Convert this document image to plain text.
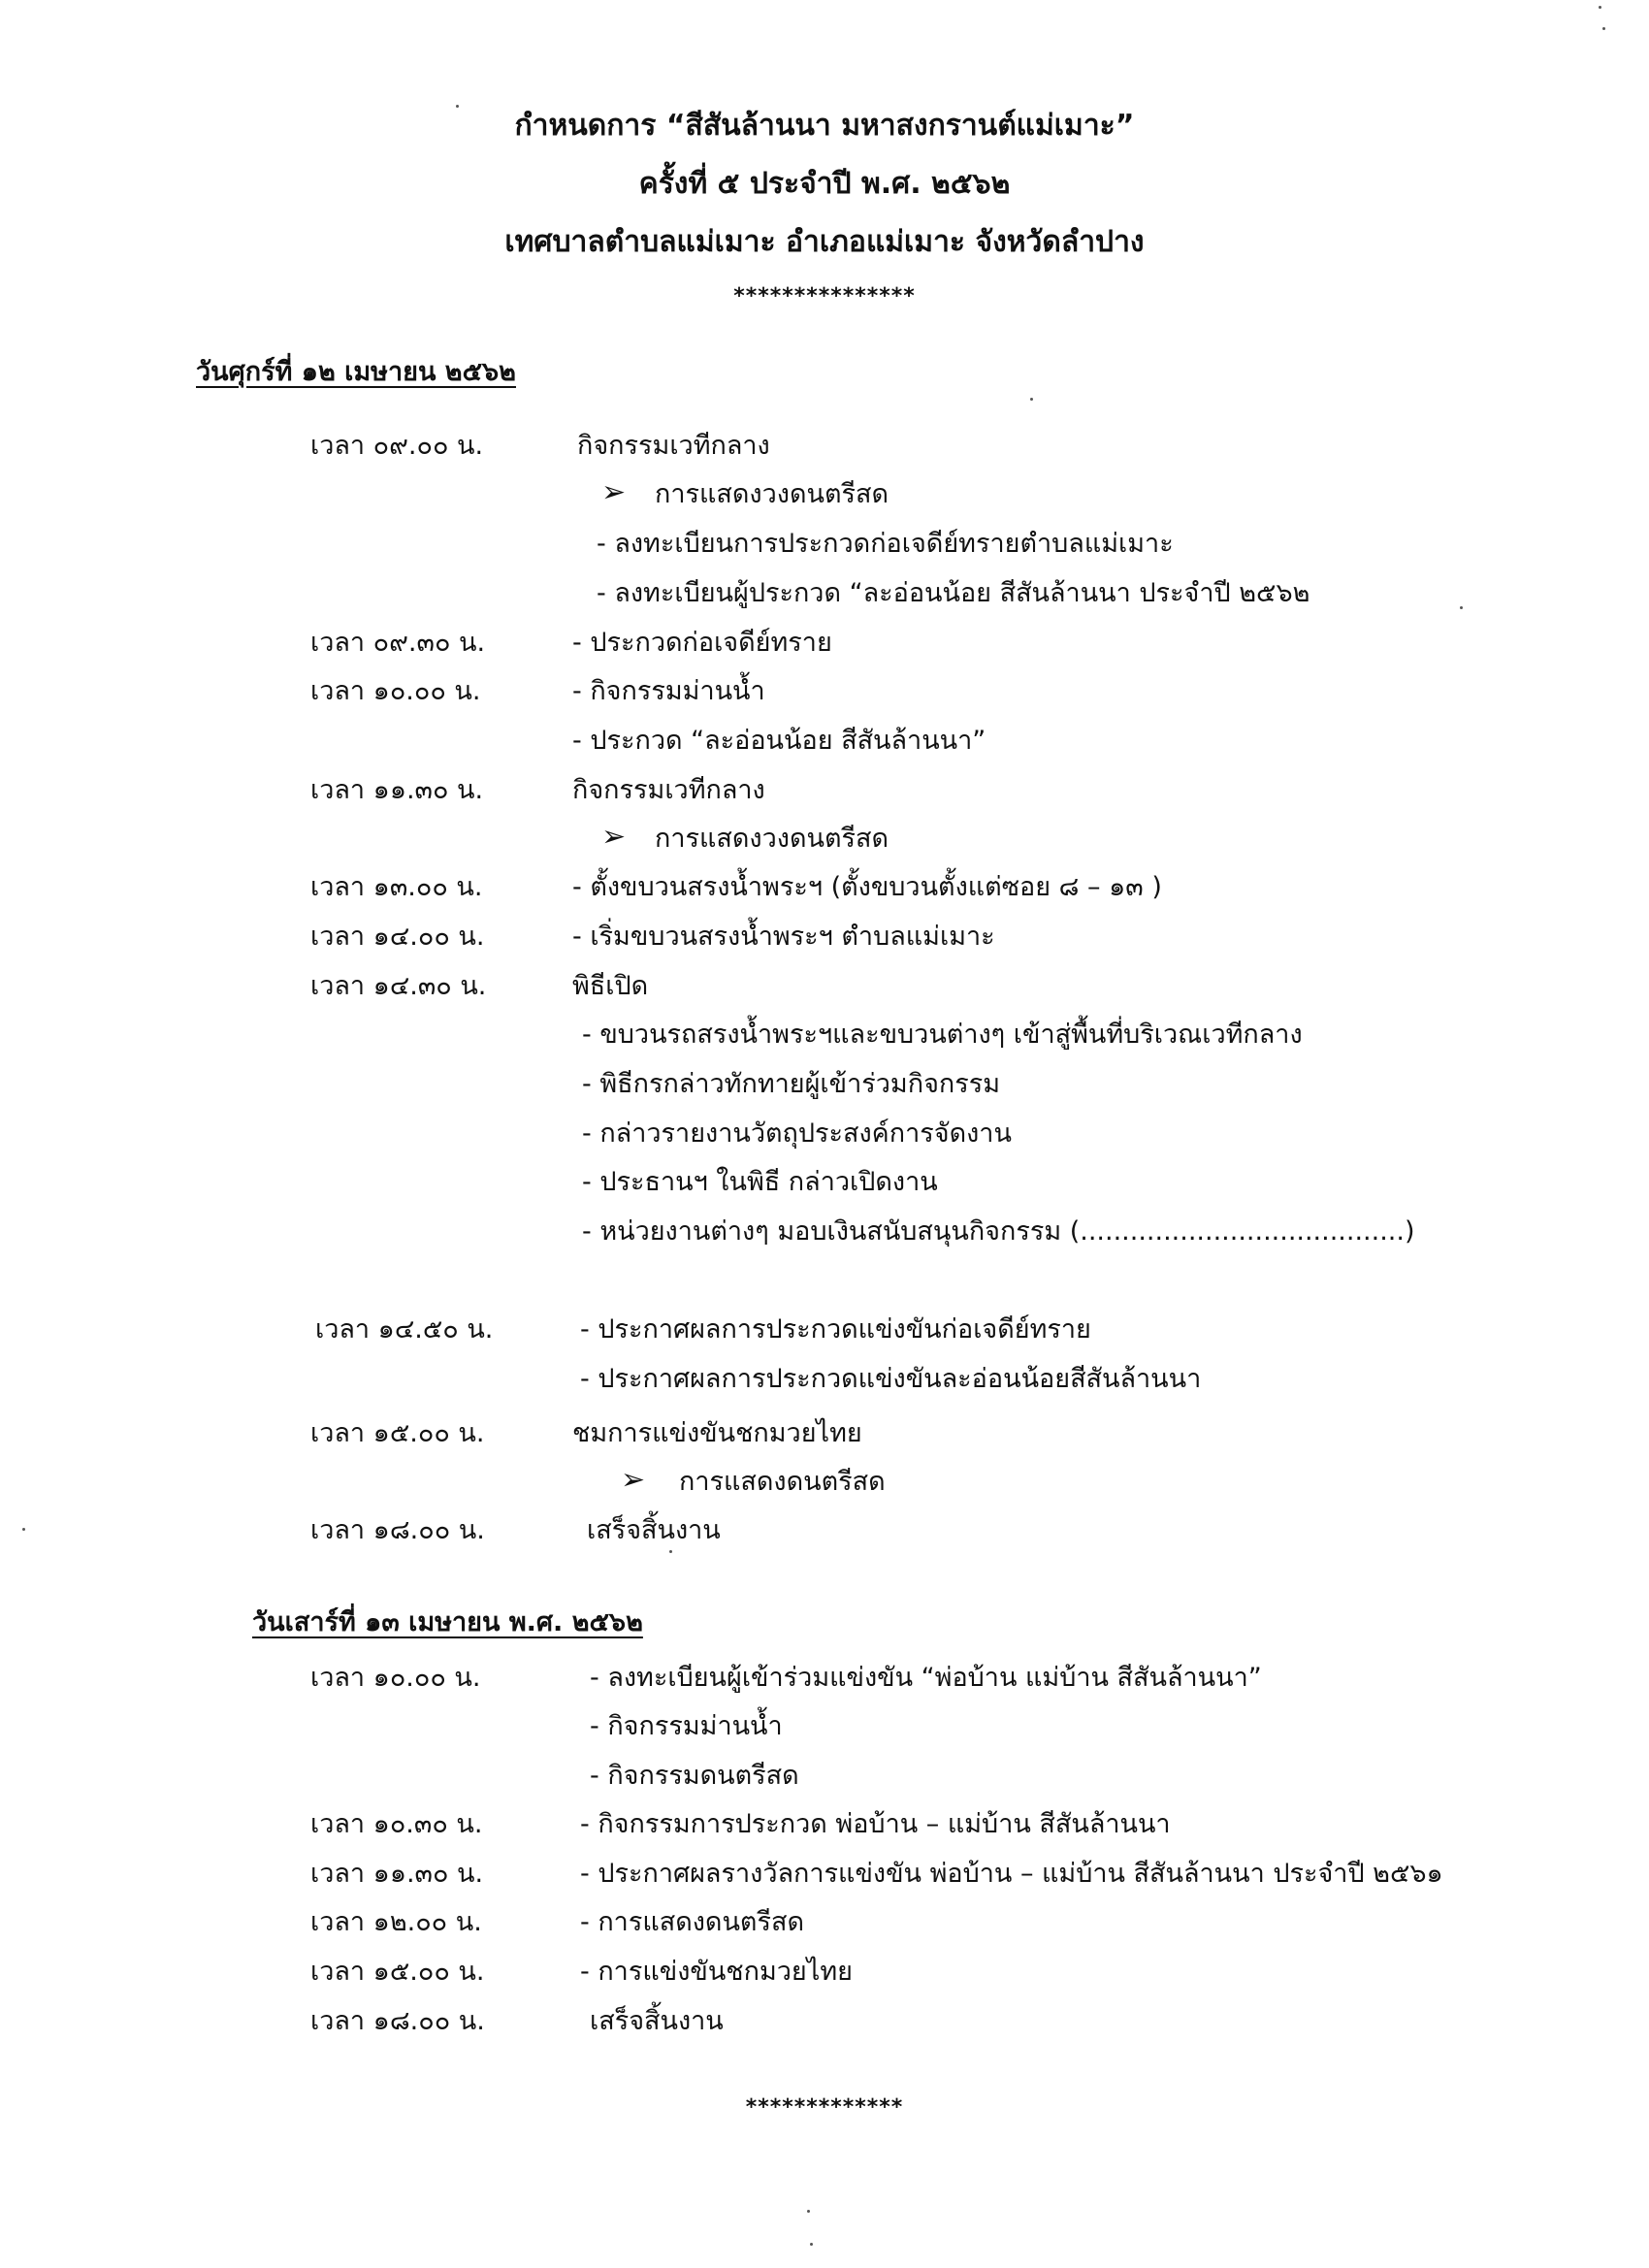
กำหนดการ “สีสันล้านนา มหาสงกรานต์แม่เมาะ”
ครั้งที่ ๕ ประจำปี พ.ศ. ๒๕๖๒
เทศบาลตำบลแม่เมาะ อำเภอแม่เมาะ จังหวัดลำปาง
***************
วันศุกร์ที่ ๑๒ เมษายน ๒๕๖๒
เวลา ๐๙.๐๐ น.	กิจกรรมเวทีกลาง
➢ การแสดงวงดนตรีสด
- ลงทะเบียนการประกวดก่อเจดีย์ทรายตำบลแม่เมาะ
- ลงทะเบียนผู้ประกวด “ละอ่อนน้อย สีสันล้านนา ประจำปี ๒๕๖๒
เวลา ๐๙.๓๐ น.	- ประกวดก่อเจดีย์ทราย
เวลา ๑๐.๐๐ น.	- กิจกรรมม่านน้ำ
- ประกวด “ละอ่อนน้อย สีสันล้านนา”
เวลา ๑๑.๓๐ น.	กิจกรรมเวทีกลาง
➢ การแสดงวงดนตรีสด
เวลา ๑๓.๐๐ น.	- ตั้งขบวนสรงน้ำพระฯ (ตั้งขบวนตั้งแต่ซอย ๘ – ๑๓ )
เวลา ๑๔.๐๐ น.	- เริ่มขบวนสรงน้ำพระฯ ตำบลแม่เมาะ
เวลา ๑๔.๓๐ น.	พิธีเปิด
- ขบวนรถสรงน้ำพระฯและขบวนต่างๆ เข้าสู่พื้นที่บริเวณเวทีกลาง
- พิธีกรกล่าวทักทายผู้เข้าร่วมกิจกรรม
- กล่าวรายงานวัตถุประสงค์การจัดงาน
- ประธานฯ ในพิธี กล่าวเปิดงาน
- หน่วยงานต่างๆ มอบเงินสนับสนุนกิจกรรม (.......................................)
เวลา ๑๔.๕๐ น.	- ประกาศผลการประกวดแข่งขันก่อเจดีย์ทราย
- ประกาศผลการประกวดแข่งขันละอ่อนน้อยสีสันล้านนา
เวลา ๑๕.๐๐ น.	ชมการแข่งขันชกมวยไทย
➢ การแสดงดนตรีสด
เวลา ๑๘.๐๐ น.	เสร็จสิ้นงาน
วันเสาร์ที่ ๑๓ เมษายน พ.ศ. ๒๕๖๒
เวลา ๑๐.๐๐ น.	- ลงทะเบียนผู้เข้าร่วมแข่งขัน “พ่อบ้าน แม่บ้าน สีสันล้านนา”
- กิจกรรมม่านน้ำ
- กิจกรรมดนตรีสด
เวลา ๑๐.๓๐ น.	- กิจกรรมการประกวด พ่อบ้าน – แม่บ้าน สีสันล้านนา
เวลา ๑๑.๓๐ น.	- ประกาศผลรางวัลการแข่งขัน พ่อบ้าน – แม่บ้าน สีสันล้านนา ประจำปี ๒๕๖๑
เวลา ๑๒.๐๐ น.	- การแสดงดนตรีสด
เวลา ๑๕.๐๐ น.	- การแข่งขันชกมวยไทย
เวลา ๑๘.๐๐ น.	เสร็จสิ้นงาน
*************
